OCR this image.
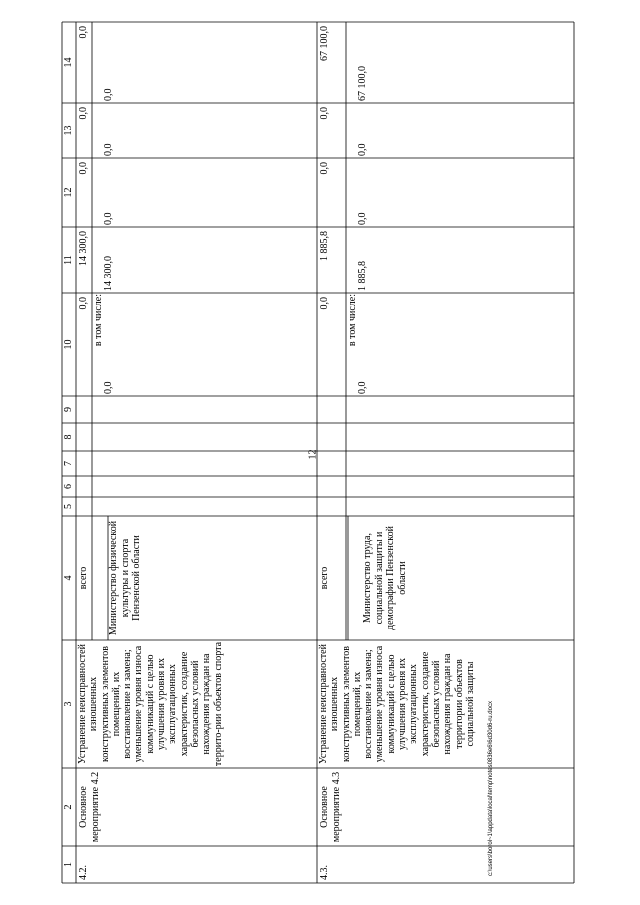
12
1
2
3
4
5
6
7
8
9
10
11
12
13
14
4.2.
Основное мероприятие 4.2
Устранение неисправностей изношенных конструктивных элементов помещений, их восстановление и замена; уменьшение уровня износа коммуникаций с целью улучшения уровня их эксплуатационных характеристик, создание безопасных условий нахождения граждан на террито-рии объектов спорта
всего
0,0
14 300,0
0,0
0,0
0,0
Министерство физической культуры и спорта Пензенской области
в том числе:
0,0
14 300,0
0,0
0,0
0,0
4.3.
Основное мероприятие 4.3
Устранение неисправностей изношенных конструктивных элементов помещений, их восстановление и замена; уменьшение уровня износа коммуникаций с целью улучшения уровня их эксплуатационных характеристик, создание безопасных условий нахождения граждан на территории объектов социальной защиты
всего
0,0
1 885,8
0,0
0,0
67 100,0
Министерство труда, социальной защиты и демографии Пензенской области
в том числе:
0,0
1 885,8
0,0
0,0
67 100,0
c:\users\borol~1\appdata\local\temp\notes0836e6\6d30d6-ru.docx
